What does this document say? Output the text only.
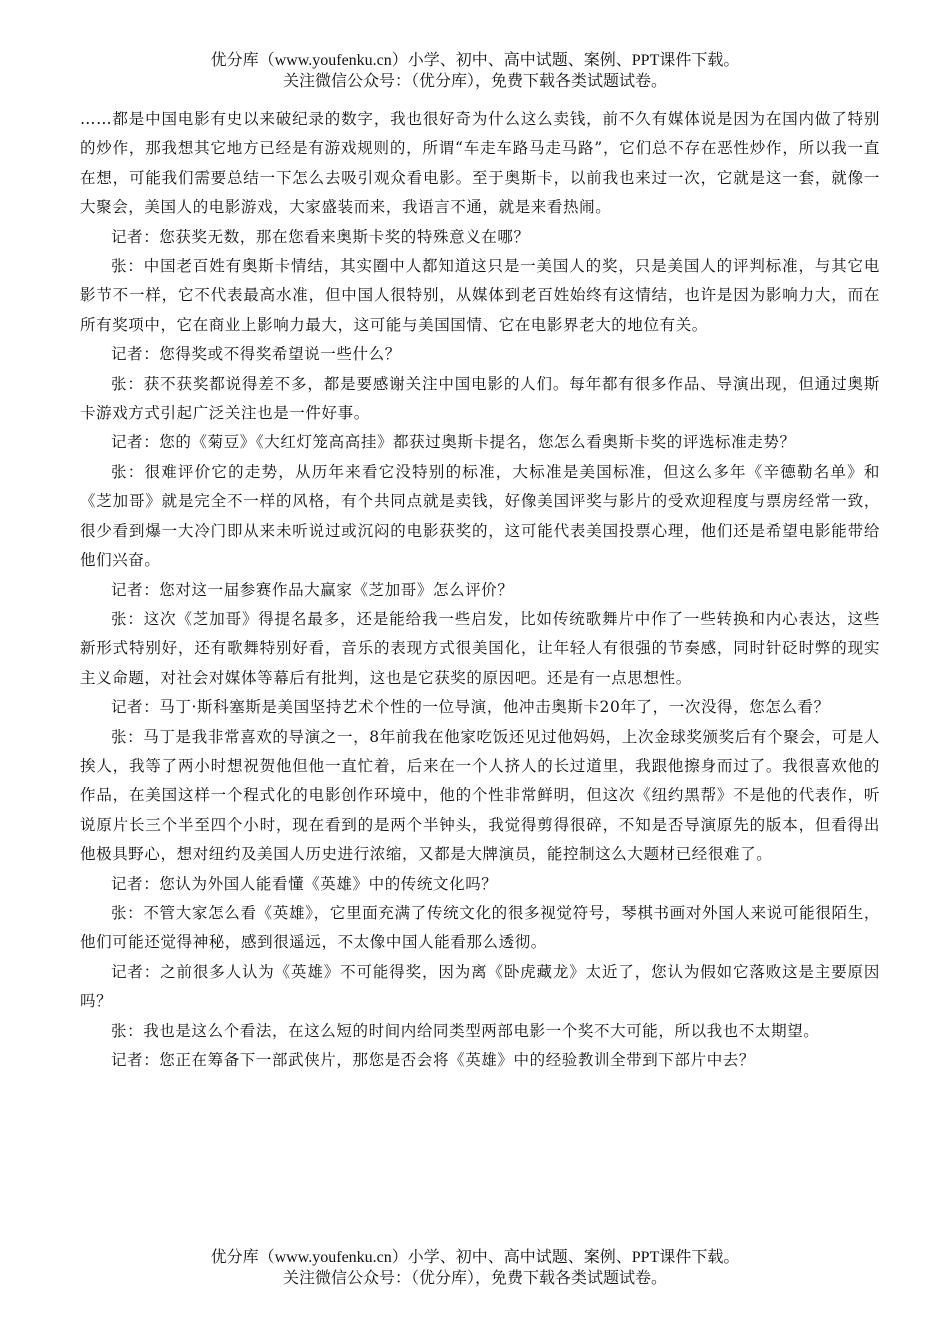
优分库（www.youfenku.cn）小学、初中、高中试题、案例、PPT课件下载。
关注微信公众号：（优分库），免费下载各类试题试卷。

……都是中国电影有史以来破纪录的数字，我也很好奇为什么这么卖钱，前不久有媒体说是因为在国内做了特别的炒作，那我想其它地方已经是有游戏规则的，所谓“车走车路马走马路”，它们总不存在恶性炒作，所以我一直在想，可能我们需要总结一下怎么去吸引观众看电影。至于奥斯卡，以前我也来过一次，它就是这一套，就像一大聚会，美国人的电影游戏，大家盛装而来，我语言不通，就是来看热闹。

记者：您获奖无数，那在您看来奥斯卡奖的特殊意义在哪？

张：中国老百姓有奥斯卡情结，其实圈中人都知道这只是一美国人的奖，只是美国人的评判标准，与其它电影节不一样，它不代表最高水准，但中国人很特别，从媒体到老百姓始终有这情结，也许是因为影响力大，而在所有奖项中，它在商业上影响力最大，这可能与美国国情、它在电影界老大的地位有关。

记者：您得奖或不得奖希望说一些什么？

张：获不获奖都说得差不多，都是要感谢关注中国电影的人们。每年都有很多作品、导演出现，但通过奥斯卡游戏方式引起广泛关注也是一件好事。

记者：您的《菊豆》《大红灯笼高高挂》都获过奥斯卡提名，您怎么看奥斯卡奖的评选标准走势？

张：很难评价它的走势，从历年来看它没特别的标准，大标准是美国标准，但这么多年《辛德勒名单》和《芝加哥》就是完全不一样的风格，有个共同点就是卖钱，好像美国评奖与影片的受欢迎程度与票房经常一致，很少看到爆一大冷门即从来未听说过或沉闷的电影获奖的，这可能代表美国投票心理，他们还是希望电影能带给他们兴奋。

记者：您对这一届参赛作品大赢家《芝加哥》怎么评价？

张：这次《芝加哥》得提名最多，还是能给我一些启发，比如传统歌舞片中作了一些转换和内心表达，这些新形式特别好，还有歌舞特别好看，音乐的表现方式很美国化，让年轻人有很强的节奏感，同时针砭时弊的现实主义命题，对社会对媒体等幕后有批判，这也是它获奖的原因吧。还是有一点思想性。

记者：马丁·斯科塞斯是美国坚持艺术个性的一位导演，他冲击奥斯卡20年了，一次没得，您怎么看？

张：马丁是我非常喜欢的导演之一，8年前我在他家吃饭还见过他妈妈，上次金球奖颁奖后有个聚会，可是人挨人，我等了两小时想祝贺他但他一直忙着，后来在一个人挤人的长过道里，我跟他擦身而过了。我很喜欢他的作品，在美国这样一个程式化的电影创作环境中，他的个性非常鲜明，但这次《纽约黑帮》不是他的代表作，听说原片长三个半至四个小时，现在看到的是两个半钟头，我觉得剪得很碎，不知是否导演原先的版本，但看得出他极具野心，想对纽约及美国人历史进行浓缩，又都是大牌演员，能控制这么大题材已经很难了。

记者：您认为外国人能看懂《英雄》中的传统文化吗？

张：不管大家怎么看《英雄》，它里面充满了传统文化的很多视觉符号，琴棋书画对外国人来说可能很陌生，他们可能还觉得神秘，感到很遥远，不太像中国人能看那么透彻。

记者：之前很多人认为《英雄》不可能得奖，因为离《卧虎藏龙》太近了，您认为假如它落败这是主要原因吗？

张：我也是这么个看法，在这么短的时间内给同类型两部电影一个奖不大可能，所以我也不太期望。

记者：您正在筹备下一部武侠片，那您是否会将《英雄》中的经验教训全带到下部片中去？

优分库（www.youfenku.cn）小学、初中、高中试题、案例、PPT课件下载。
关注微信公众号：（优分库），免费下载各类试题试卷。
